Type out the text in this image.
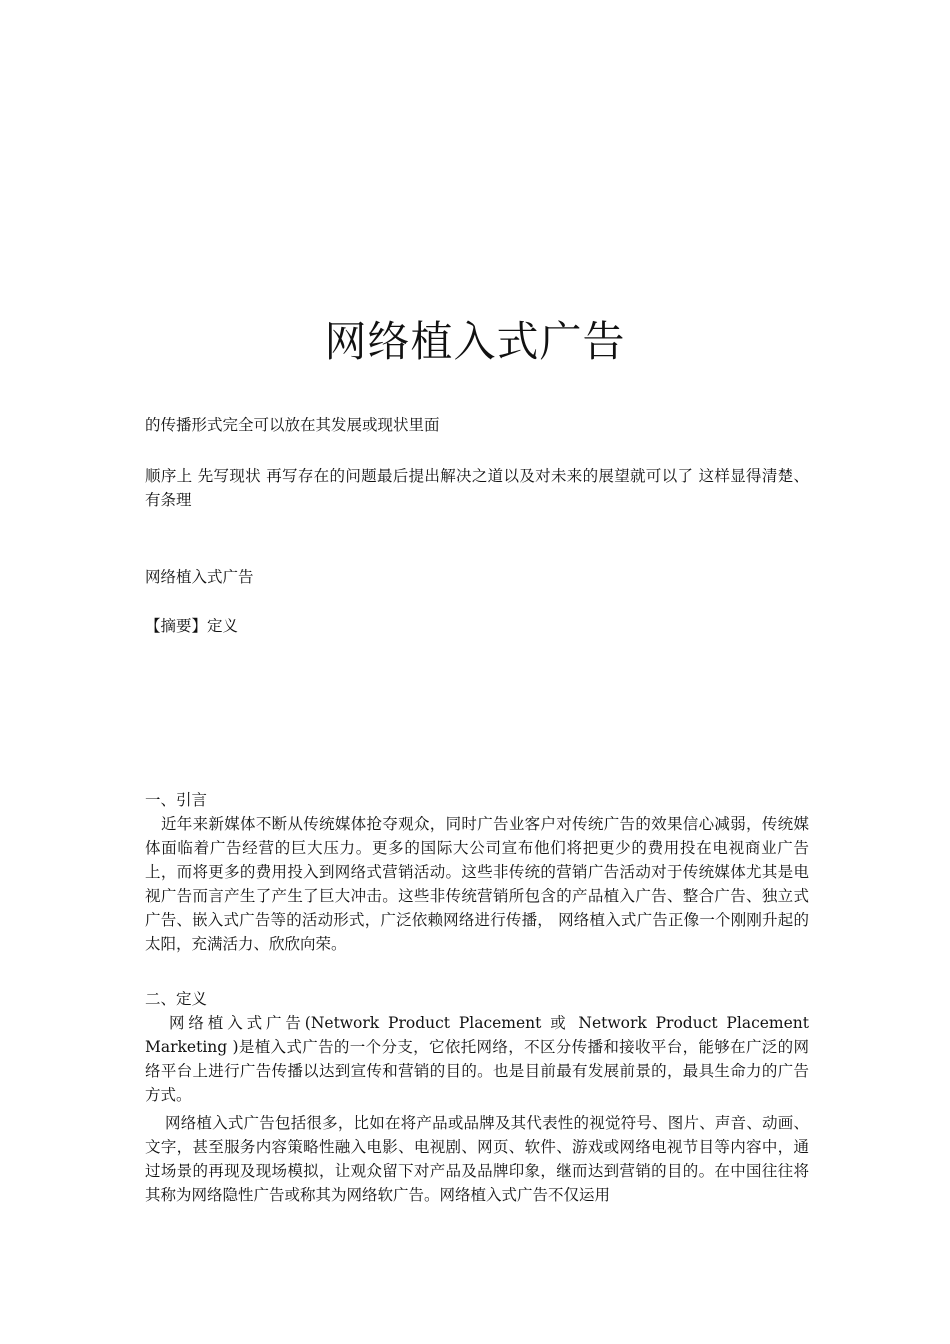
网络植入式广告

的传播形式完全可以放在其发展或现状里面

顺序上 先写现状 再写存在的问题最后提出解决之道以及对未来的展望就可以了 这样显得清楚、有条理

网络植入式广告

【摘要】定义

一、引言

近年来新媒体不断从传统媒体抢夺观众，同时广告业客户对传统广告的效果信心减弱，传统媒体面临着广告经营的巨大压力。更多的国际大公司宣布他们将把更少的费用投在电视商业广告上，而将更多的费用投入到网络式营销活动。这些非传统的营销广告活动对于传统媒体尤其是电视广告而言产生了产生了巨大冲击。这些非传统营销所包含的产品植入广告、整合广告、独立式广告、嵌入式广告等的活动形式，广泛依赖网络进行传播， 网络植入式广告正像一个刚刚升起的太阳，充满活力、欣欣向荣。

二、定义

网络植入式广告(Network Product Placement 或 Network Product Placement Marketing )是植入式广告的一个分支，它依托网络，不区分传播和接收平台，能够在广泛的网络平台上进行广告传播以达到宣传和营销的目的。也是目前最有发展前景的，最具生命力的广告方式。

网络植入式广告包括很多，比如在将产品或品牌及其代表性的视觉符号、图片、声音、动画、文字，甚至服务内容策略性融入电影、电视剧、网页、软件、游戏或网络电视节目等内容中，通过场景的再现及现场模拟，让观众留下对产品及品牌印象，继而达到营销的目的。在中国往往将其称为网络隐性广告或称其为网络软广告。网络植入式广告不仅运用
